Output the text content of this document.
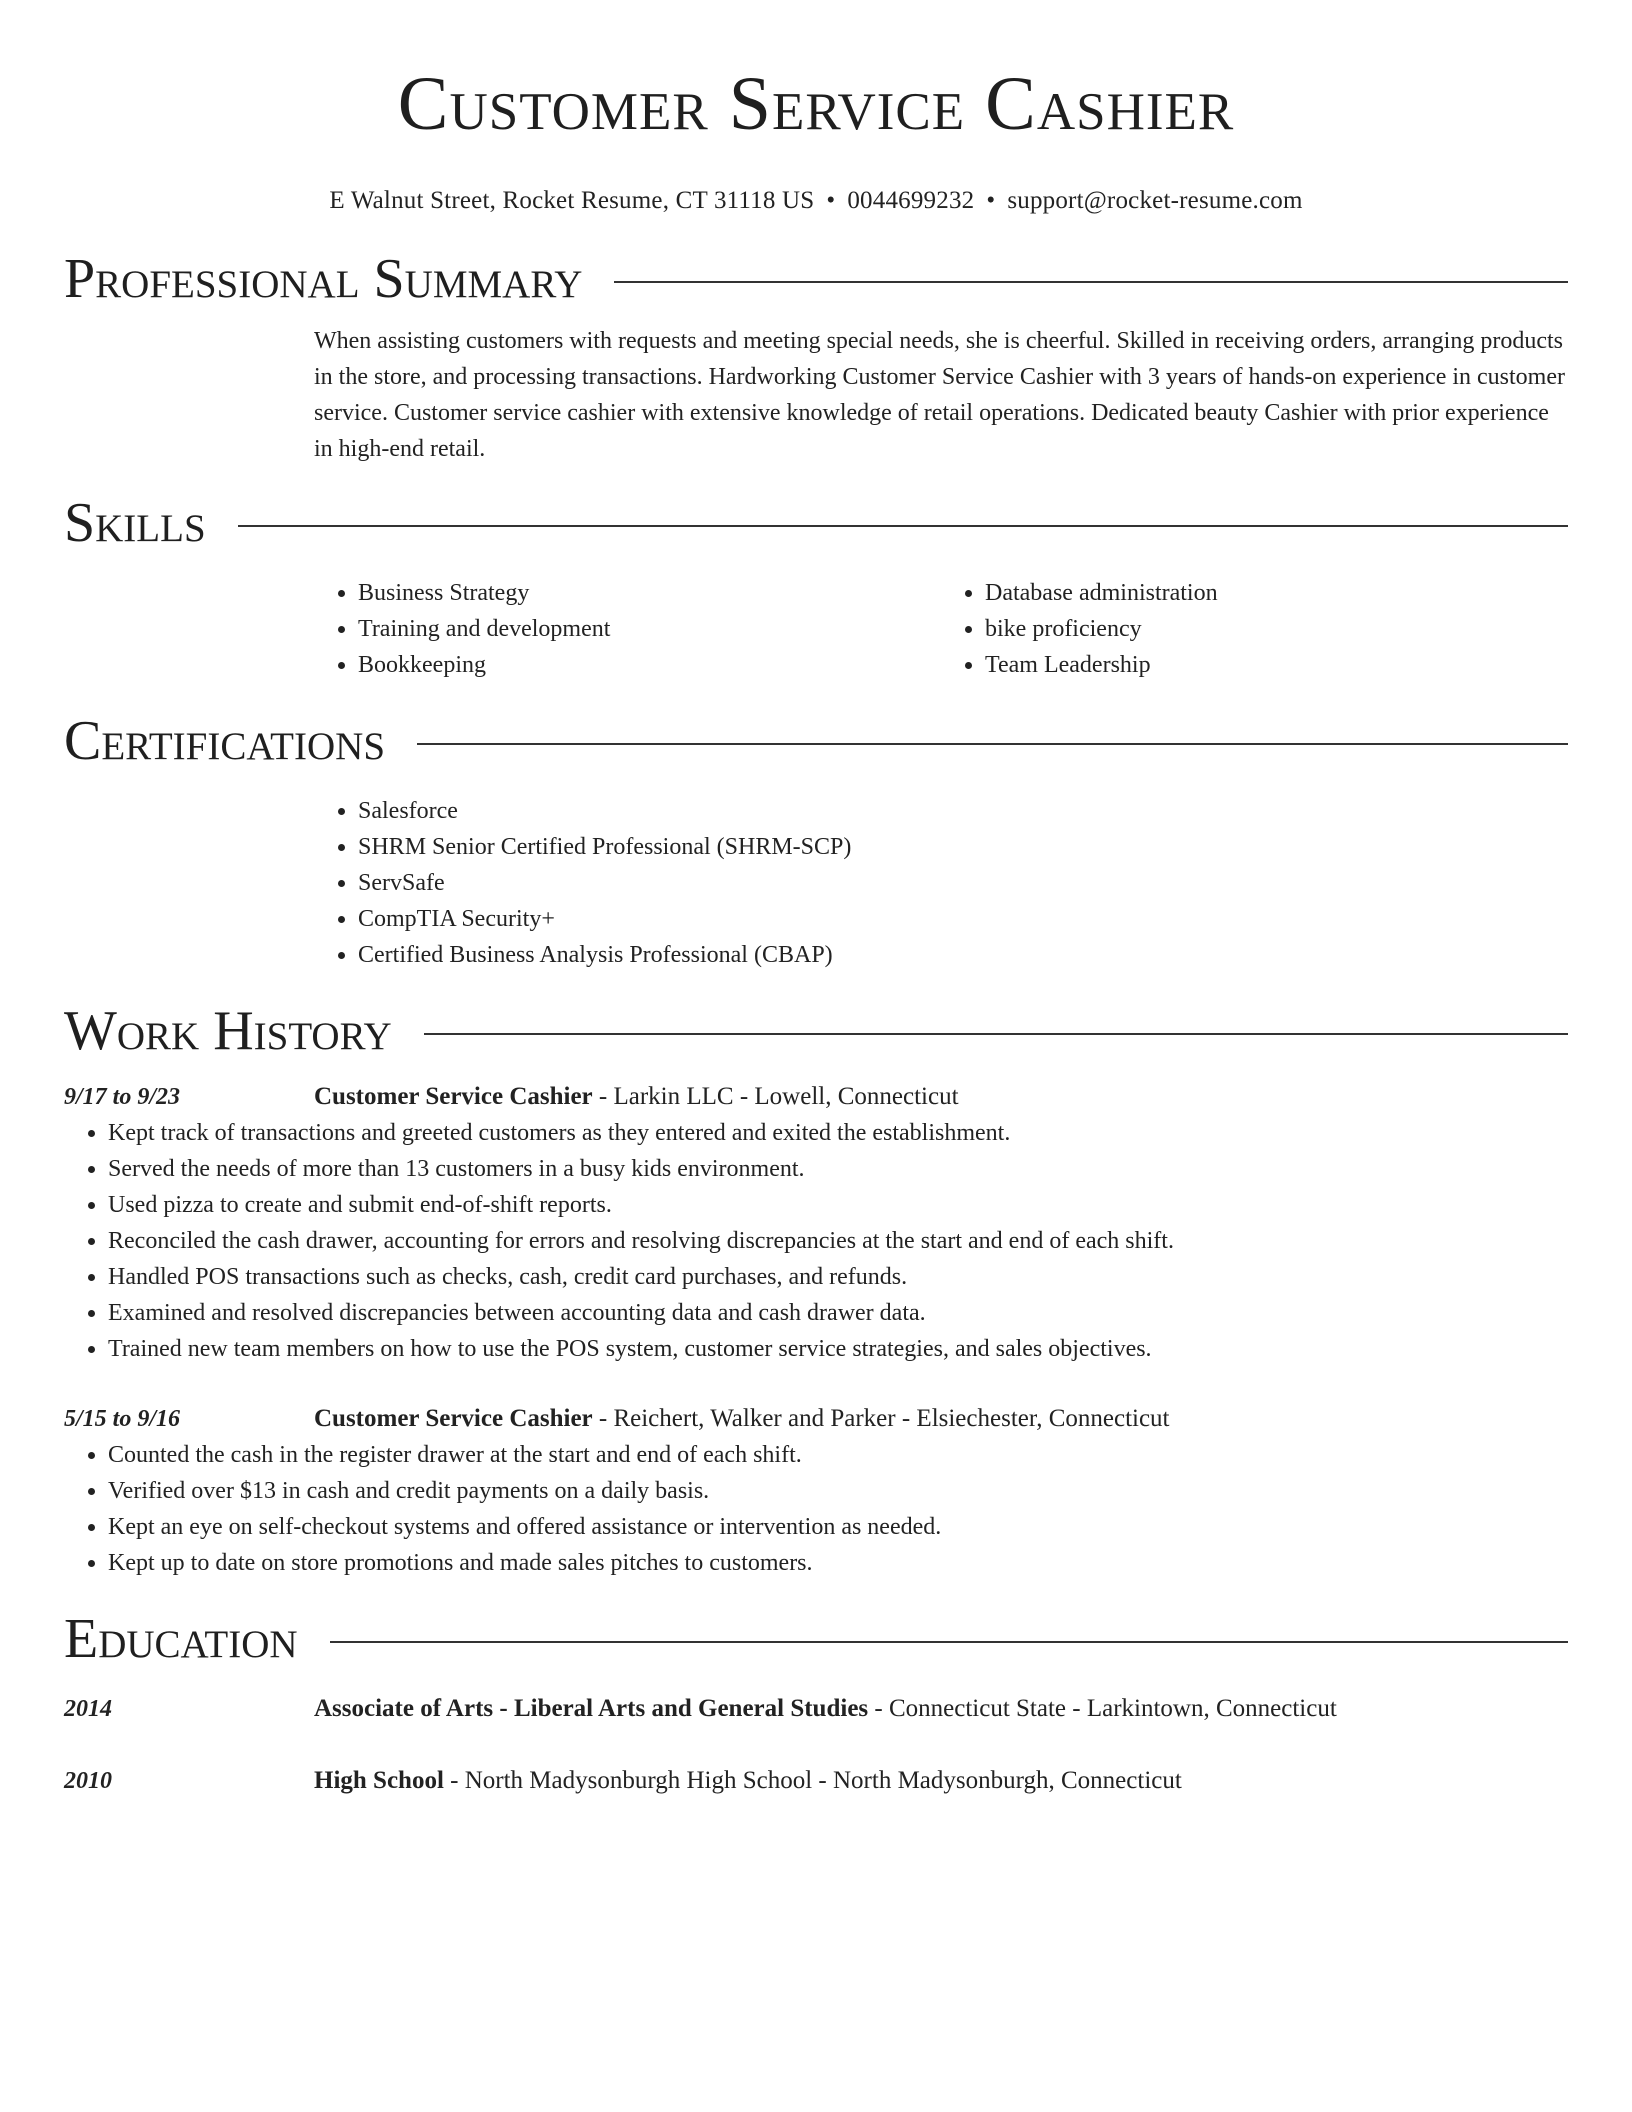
Customer Service Cashier
E Walnut Street, Rocket Resume, CT 31118 US • 0044699232 • support@rocket-resume.com
Professional Summary

When assisting customers with requests and meeting special needs, she is cheerful. Skilled in receiving orders, arranging products in the store, and processing transactions. Hardworking Customer Service Cashier with 3 years of hands-on experience in customer service. Customer service cashier with extensive knowledge of retail operations. Dedicated beauty Cashier with prior experience in high-end retail.

Skills
• Business Strategy
• Training and development
• Bookkeeping
• Database administration
• bike proficiency
• Team Leadership
Certifications
• Salesforce
• SHRM Senior Certified Professional (SHRM-SCP)
• ServSafe
• CompTIA Security+
• Certified Business Analysis Professional (CBAP)
Work History
9/17 to 9/23	Customer Service Cashier - Larkin LLC - Lowell, Connecticut
• Kept track of transactions and greeted customers as they entered and exited the establishment.
• Served the needs of more than 13 customers in a busy kids environment.
• Used pizza to create and submit end-of-shift reports.
• Reconciled the cash drawer, accounting for errors and resolving discrepancies at the start and end of each shift.
• Handled POS transactions such as checks, cash, credit card purchases, and refunds.
• Examined and resolved discrepancies between accounting data and cash drawer data.
• Trained new team members on how to use the POS system, customer service strategies, and sales objectives.
5/15 to 9/16	Customer Service Cashier - Reichert, Walker and Parker - Elsiechester, Connecticut
• Counted the cash in the register drawer at the start and end of each shift.
• Verified over $13 in cash and credit payments on a daily basis.
• Kept an eye on self-checkout systems and offered assistance or intervention as needed.
• Kept up to date on store promotions and made sales pitches to customers.
Education
2014	Associate of Arts - Liberal Arts and General Studies - Connecticut State - Larkintown, Connecticut
2010	High School - North Madysonburgh High School - North Madysonburgh, Connecticut
